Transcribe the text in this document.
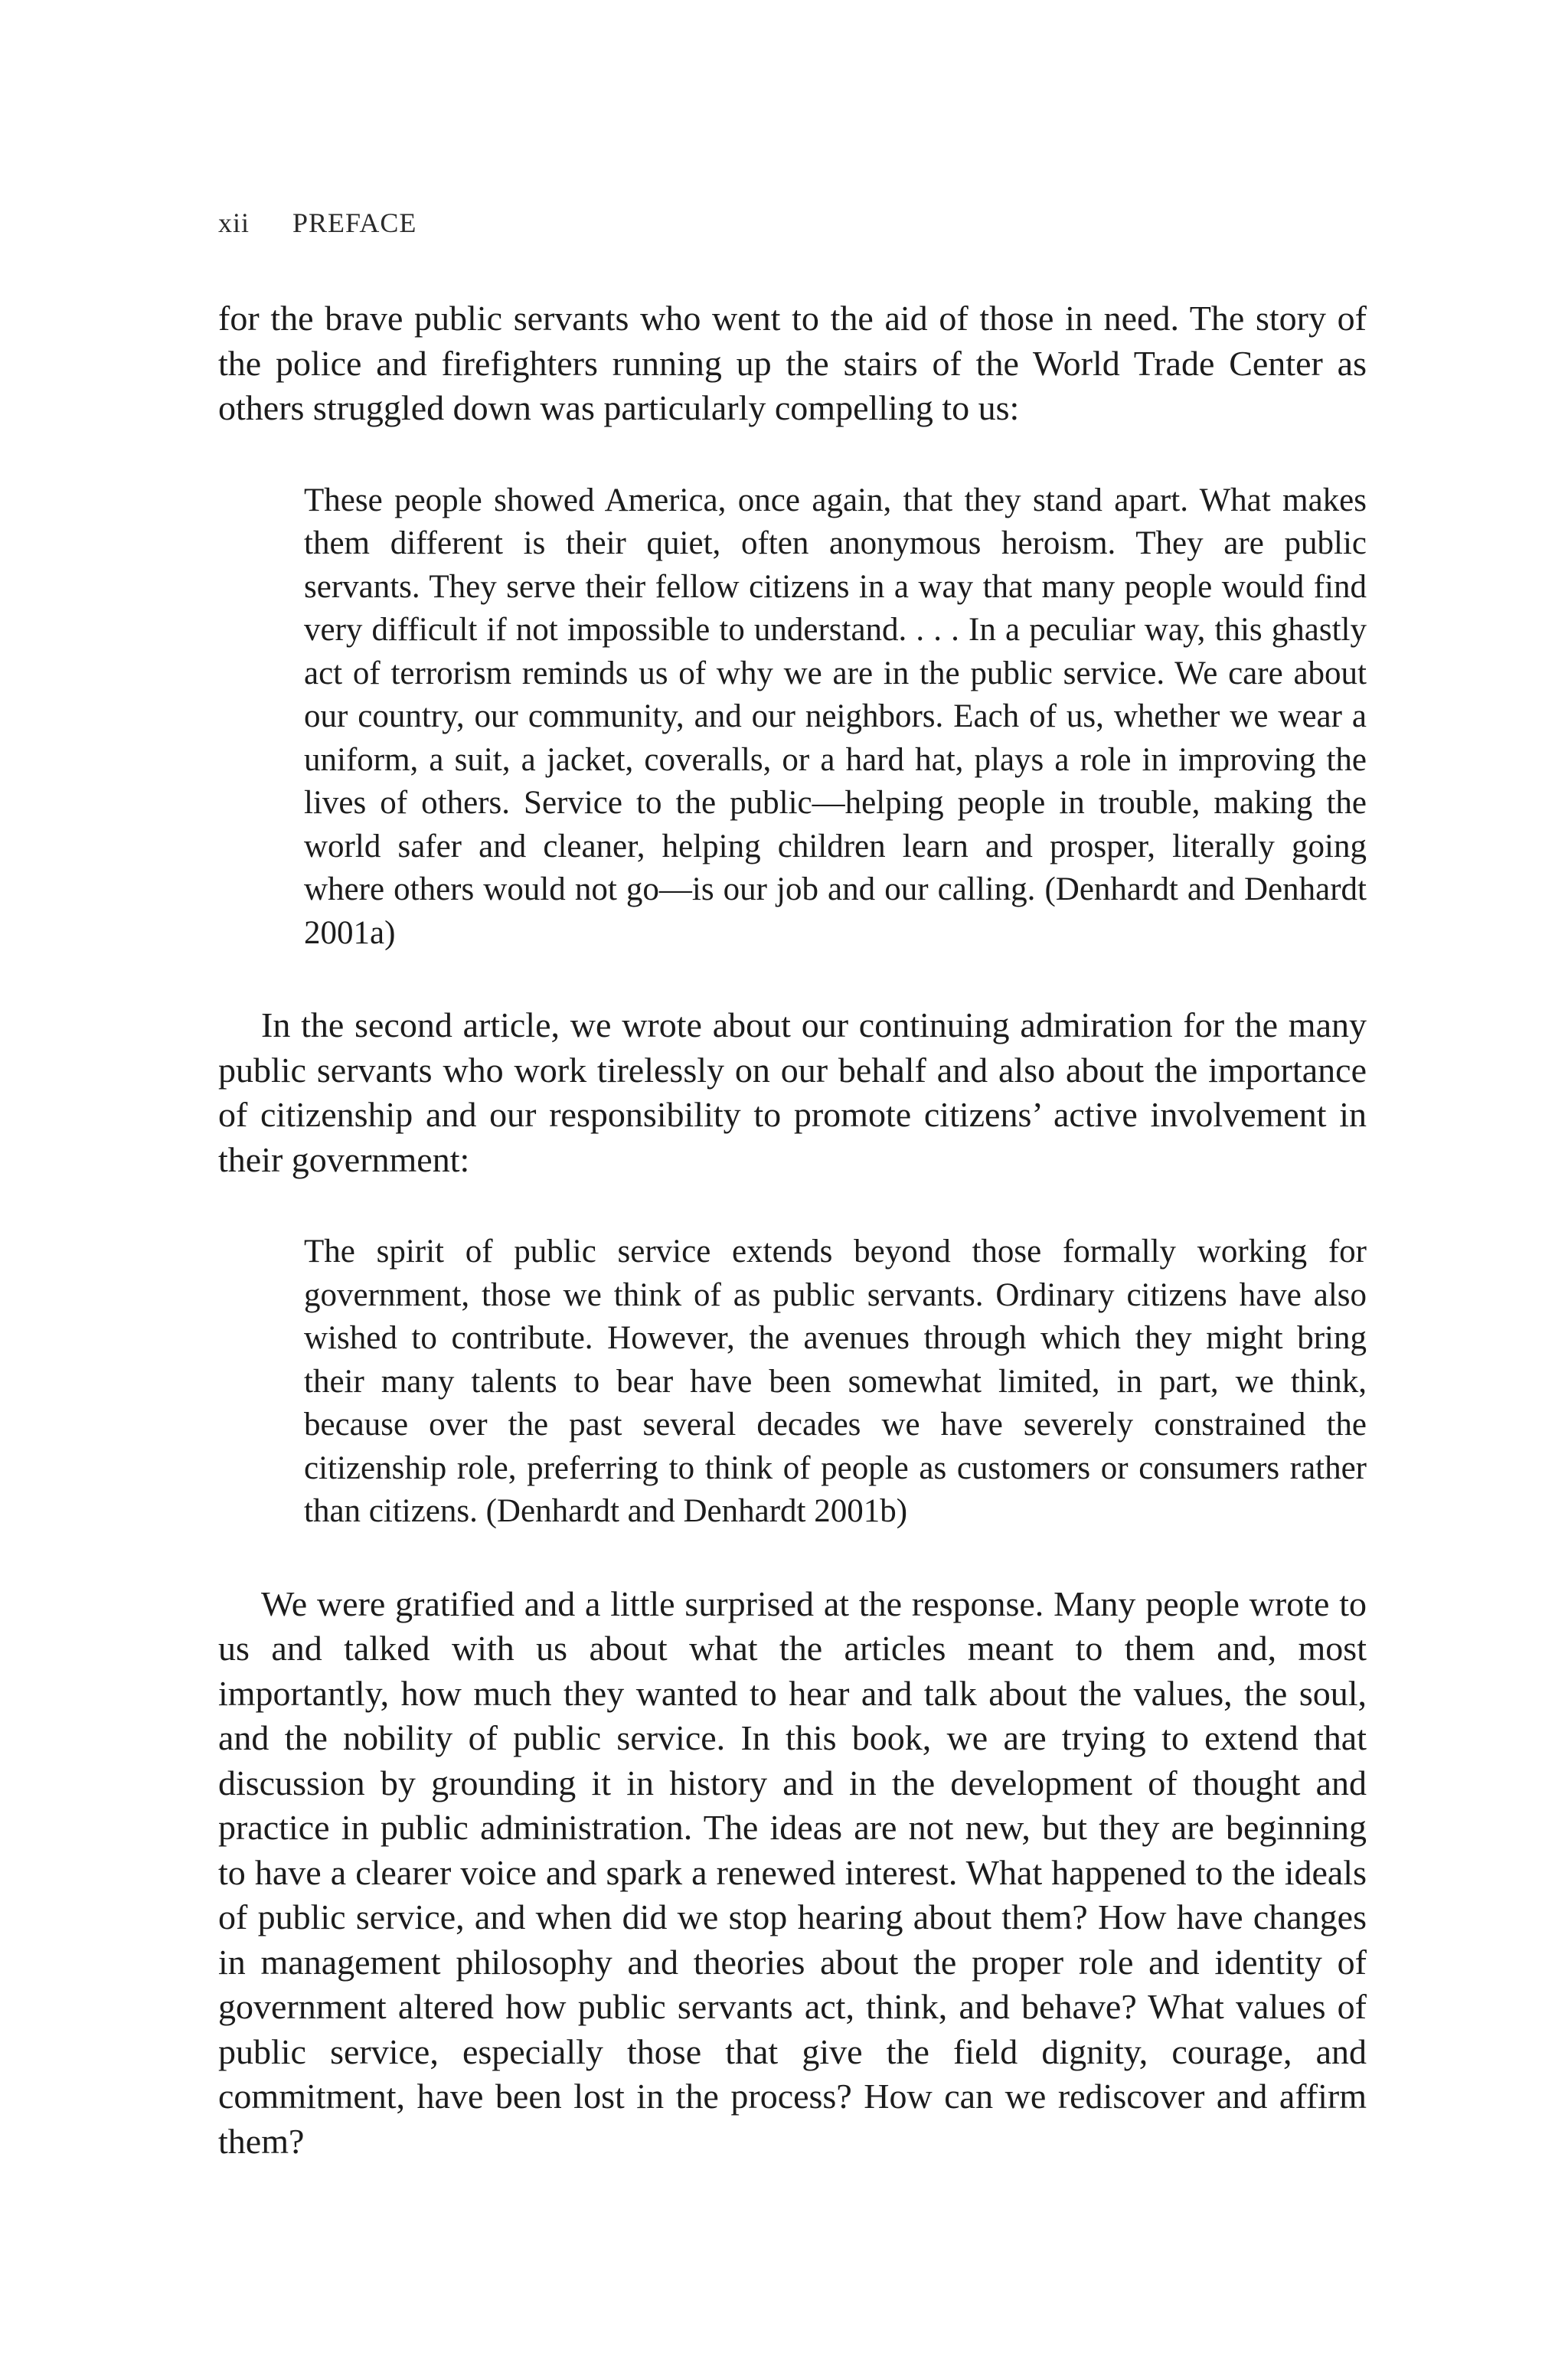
xii PREFACE

for the brave public servants who went to the aid of those in need. The story of the police and firefighters running up the stairs of the World Trade Center as others struggled down was particularly compelling to us:

These people showed America, once again, that they stand apart. What makes them different is their quiet, often anonymous heroism. They are public servants. They serve their fellow citizens in a way that many people would find very difficult if not impossible to understand. . . . In a peculiar way, this ghastly act of terrorism reminds us of why we are in the public service. We care about our country, our community, and our neighbors. Each of us, whether we wear a uniform, a suit, a jacket, coveralls, or a hard hat, plays a role in improving the lives of others. Service to the public—helping people in trouble, making the world safer and cleaner, helping children learn and prosper, literally going where others would not go—is our job and our calling. (Denhardt and Denhardt 2001a)

In the second article, we wrote about our continuing admiration for the many public servants who work tirelessly on our behalf and also about the importance of citizenship and our responsibility to promote citizens’ active involvement in their government:

The spirit of public service extends beyond those formally working for government, those we think of as public servants. Ordinary citizens have also wished to contribute. However, the avenues through which they might bring their many talents to bear have been somewhat limited, in part, we think, because over the past several decades we have severely constrained the citizenship role, preferring to think of people as customers or consumers rather than citizens. (Denhardt and Denhardt 2001b)

We were gratified and a little surprised at the response. Many people wrote to us and talked with us about what the articles meant to them and, most importantly, how much they wanted to hear and talk about the values, the soul, and the nobility of public service. In this book, we are trying to extend that discussion by grounding it in history and in the development of thought and practice in public administration. The ideas are not new, but they are beginning to have a clearer voice and spark a renewed interest. What happened to the ideals of public service, and when did we stop hearing about them? How have changes in management philosophy and theories about the proper role and identity of government altered how public servants act, think, and behave? What values of public service, especially those that give the field dignity, courage, and commitment, have been lost in the process? How can we rediscover and affirm them?
